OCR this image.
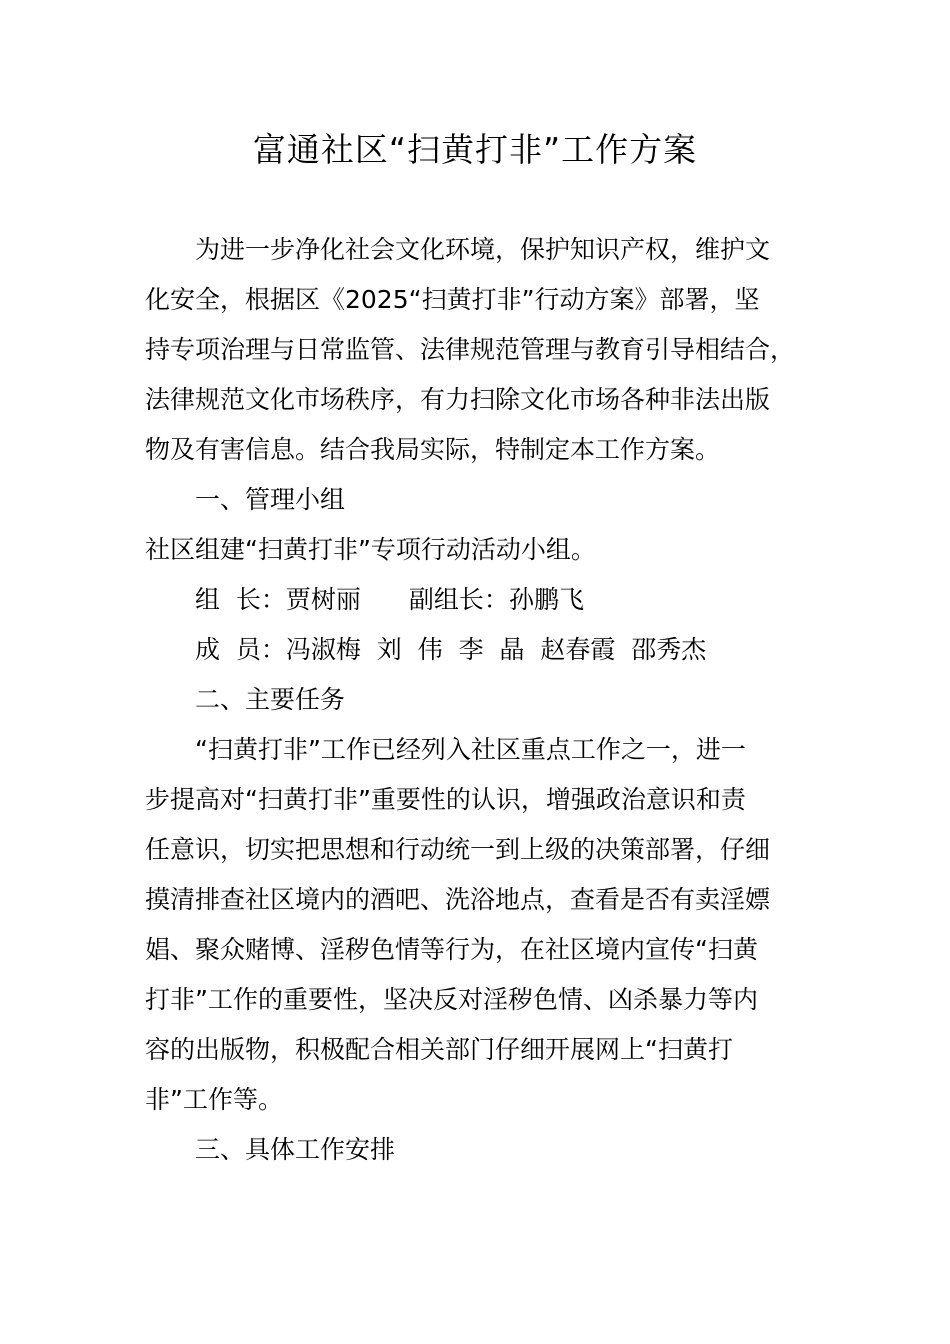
富通社区“扫黄打非”工作方案
为进一步净化社会文化环境，保护知识产权，维护文
化安全，根据区《2025“扫黄打非”行动方案》部署，坚
持专项治理与日常监管、法律规范管理与教育引导相结合，
法律规范文化市场秩序，有力扫除文化市场各种非法出版
物及有害信息。结合我局实际，特制定本工作方案。
一、管理小组
社区组建“扫黄打非”专项行动活动小组。
组  长：贾树丽 副组长：孙鹏飞
成  员：冯淑梅  刘  伟  李  晶  赵春霞  邵秀杰
二、主要任务
“扫黄打非”工作已经列入社区重点工作之一，进一
步提高对“扫黄打非”重要性的认识，增强政治意识和责
任意识，切实把思想和行动统一到上级的决策部署，仔细
摸清排查社区境内的酒吧、洗浴地点，查看是否有卖淫嫖
娼、聚众赌博、淫秽色情等行为，在社区境内宣传“扫黄
打非”工作的重要性，坚决反对淫秽色情、凶杀暴力等内
容的出版物，积极配合相关部门仔细开展网上“扫黄打
非”工作等。
三、具体工作安排
